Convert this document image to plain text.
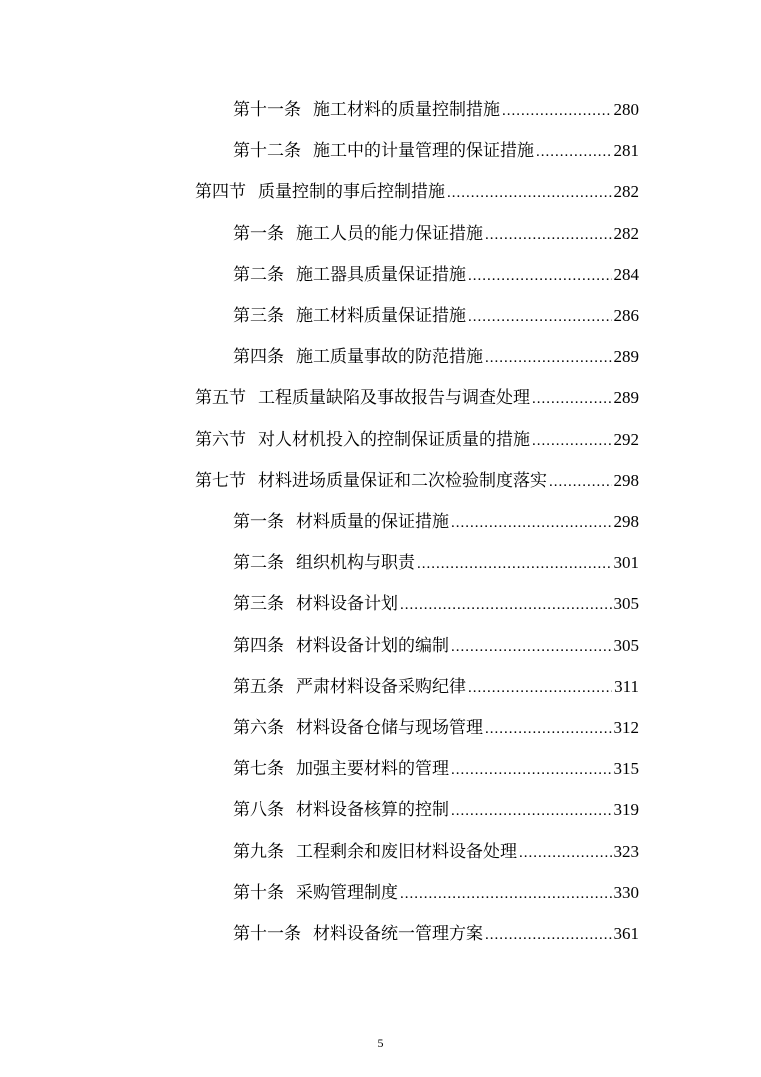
第十一条 施工材料的质量控制措施 .....	280
第十二条 施工中的计量管理的保证措施 .....	281
第四节 质量控制的事后控制措施 .....	282
第一条 施工人员的能力保证措施 .....	282
第二条 施工器具质量保证措施 .....	284
第三条 施工材料质量保证措施 .....	286
第四条 施工质量事故的防范措施 .....	289
第五节 工程质量缺陷及事故报告与调查处理 .....	289
第六节 对人材机投入的控制保证质量的措施 .....	292
第七节 材料进场质量保证和二次检验制度落实 .....	298
第一条 材料质量的保证措施 .....	298
第二条 组织机构与职责 .....	301
第三条 材料设备计划 .....	305
第四条 材料设备计划的编制 .....	305
第五条 严肃材料设备采购纪律 .....	311
第六条 材料设备仓储与现场管理 .....	312
第七条 加强主要材料的管理 .....	315
第八条 材料设备核算的控制 .....	319
第九条 工程剩余和废旧材料设备处理 .....	323
第十条 采购管理制度 .....	330
第十一条 材料设备统一管理方案 .....	361
5
